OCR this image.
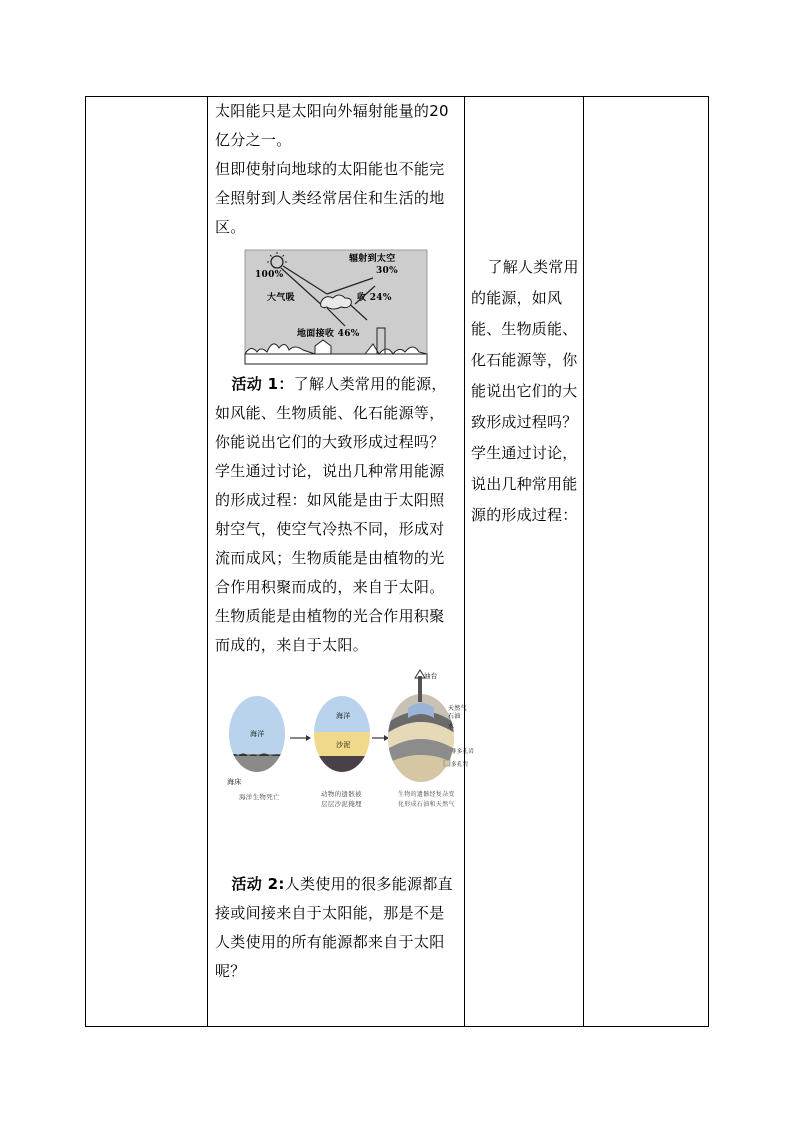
太阳能只是太阳向外辐射能量的20亿分之一。

但即使射向地球的太阳能也不能完全照射到人类经常居住和生活的地区。

100%
辐射到太空
30%
大气吸	收 24%
地面接收 46%

活动 1：了解人类常用的能源，如风能、生物质能、化石能源等，你能说出它们的大致形成过程吗？

学生通过讨论，说出几种常用能源的形成过程：如风能是由于太阳照射空气，使空气冷热不同，形成对流而成风；生物质能是由植物的光合作用积聚而成的，来自于太阳。生物质能是由植物的光合作用积聚而成的，来自于太阳。

海洋
海床
海洋生物死亡
海洋
沙泥
动物的遗骸被
层层沙泥掩埋
油台
天然气
石油
水
非多孔岩
多孔岩
生物的遗骸经复杂变
化形成石油和天然气

活动 2:人类使用的很多能源都直接或间接来自于太阳能，那是不是人类使用的所有能源都来自于太阳呢？

了解人类常用的能源，如风能、生物质能、化石能源等，你能说出它们的大致形成过程吗？

学生通过讨论，说出几种常用能源的形成过程：
